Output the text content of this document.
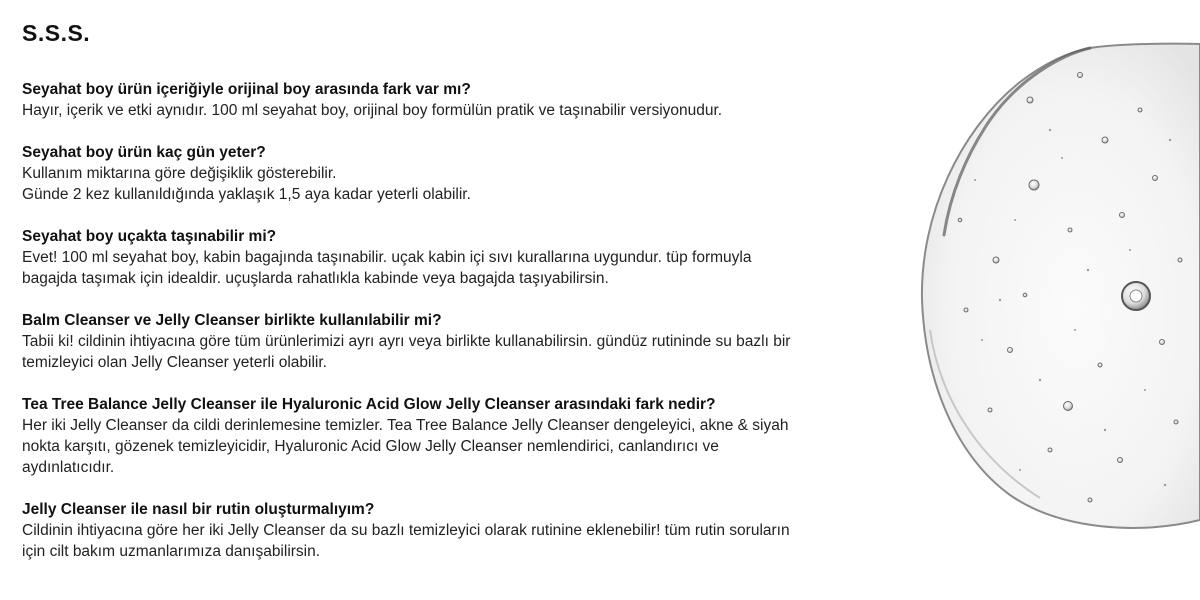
S.S.S.

Seyahat boy ürün içeriğiyle orijinal boy arasında fark var mı?

Hayır, içerik ve etki aynıdır. 100 ml seyahat boy, orijinal boy formülün pratik ve taşınabilir versiyonudur.

Seyahat boy ürün kaç gün yeter?

Kullanım miktarına göre değişiklik gösterebilir.
Günde 2 kez kullanıldığında yaklaşık 1,5 aya kadar yeterli olabilir.

Seyahat boy uçakta taşınabilir mi?

Evet! 100 ml seyahat boy, kabin bagajında taşınabilir. uçak kabin içi sıvı kurallarına uygundur. tüp formuyla
bagajda taşımak için idealdir. uçuşlarda rahatlıkla kabinde veya bagajda taşıyabilirsin.

Balm Cleanser ve Jelly Cleanser birlikte kullanılabilir mi?

Tabii ki! cildinin ihtiyacına göre tüm ürünlerimizi ayrı ayrı veya birlikte kullanabilirsin. gündüz rutininde su bazlı bir
temizleyici olan Jelly Cleanser yeterli olabilir.

Tea Tree Balance Jelly Cleanser ile Hyaluronic Acid Glow Jelly Cleanser arasındaki fark nedir?

Her iki Jelly Cleanser da cildi derinlemesine temizler. Tea Tree Balance Jelly Cleanser dengeleyici, akne & siyah
nokta karşıtı, gözenek temizleyicidir, Hyaluronic Acid Glow Jelly Cleanser nemlendirici, canlandırıcı ve
aydınlatıcıdır.

Jelly Cleanser ile nasıl bir rutin oluşturmalıyım?

Cildinin ihtiyacına göre her iki Jelly Cleanser da su bazlı temizleyici olarak rutinine eklenebilir! tüm rutin soruların
için cilt bakım uzmanlarımıza danışabilirsin.
